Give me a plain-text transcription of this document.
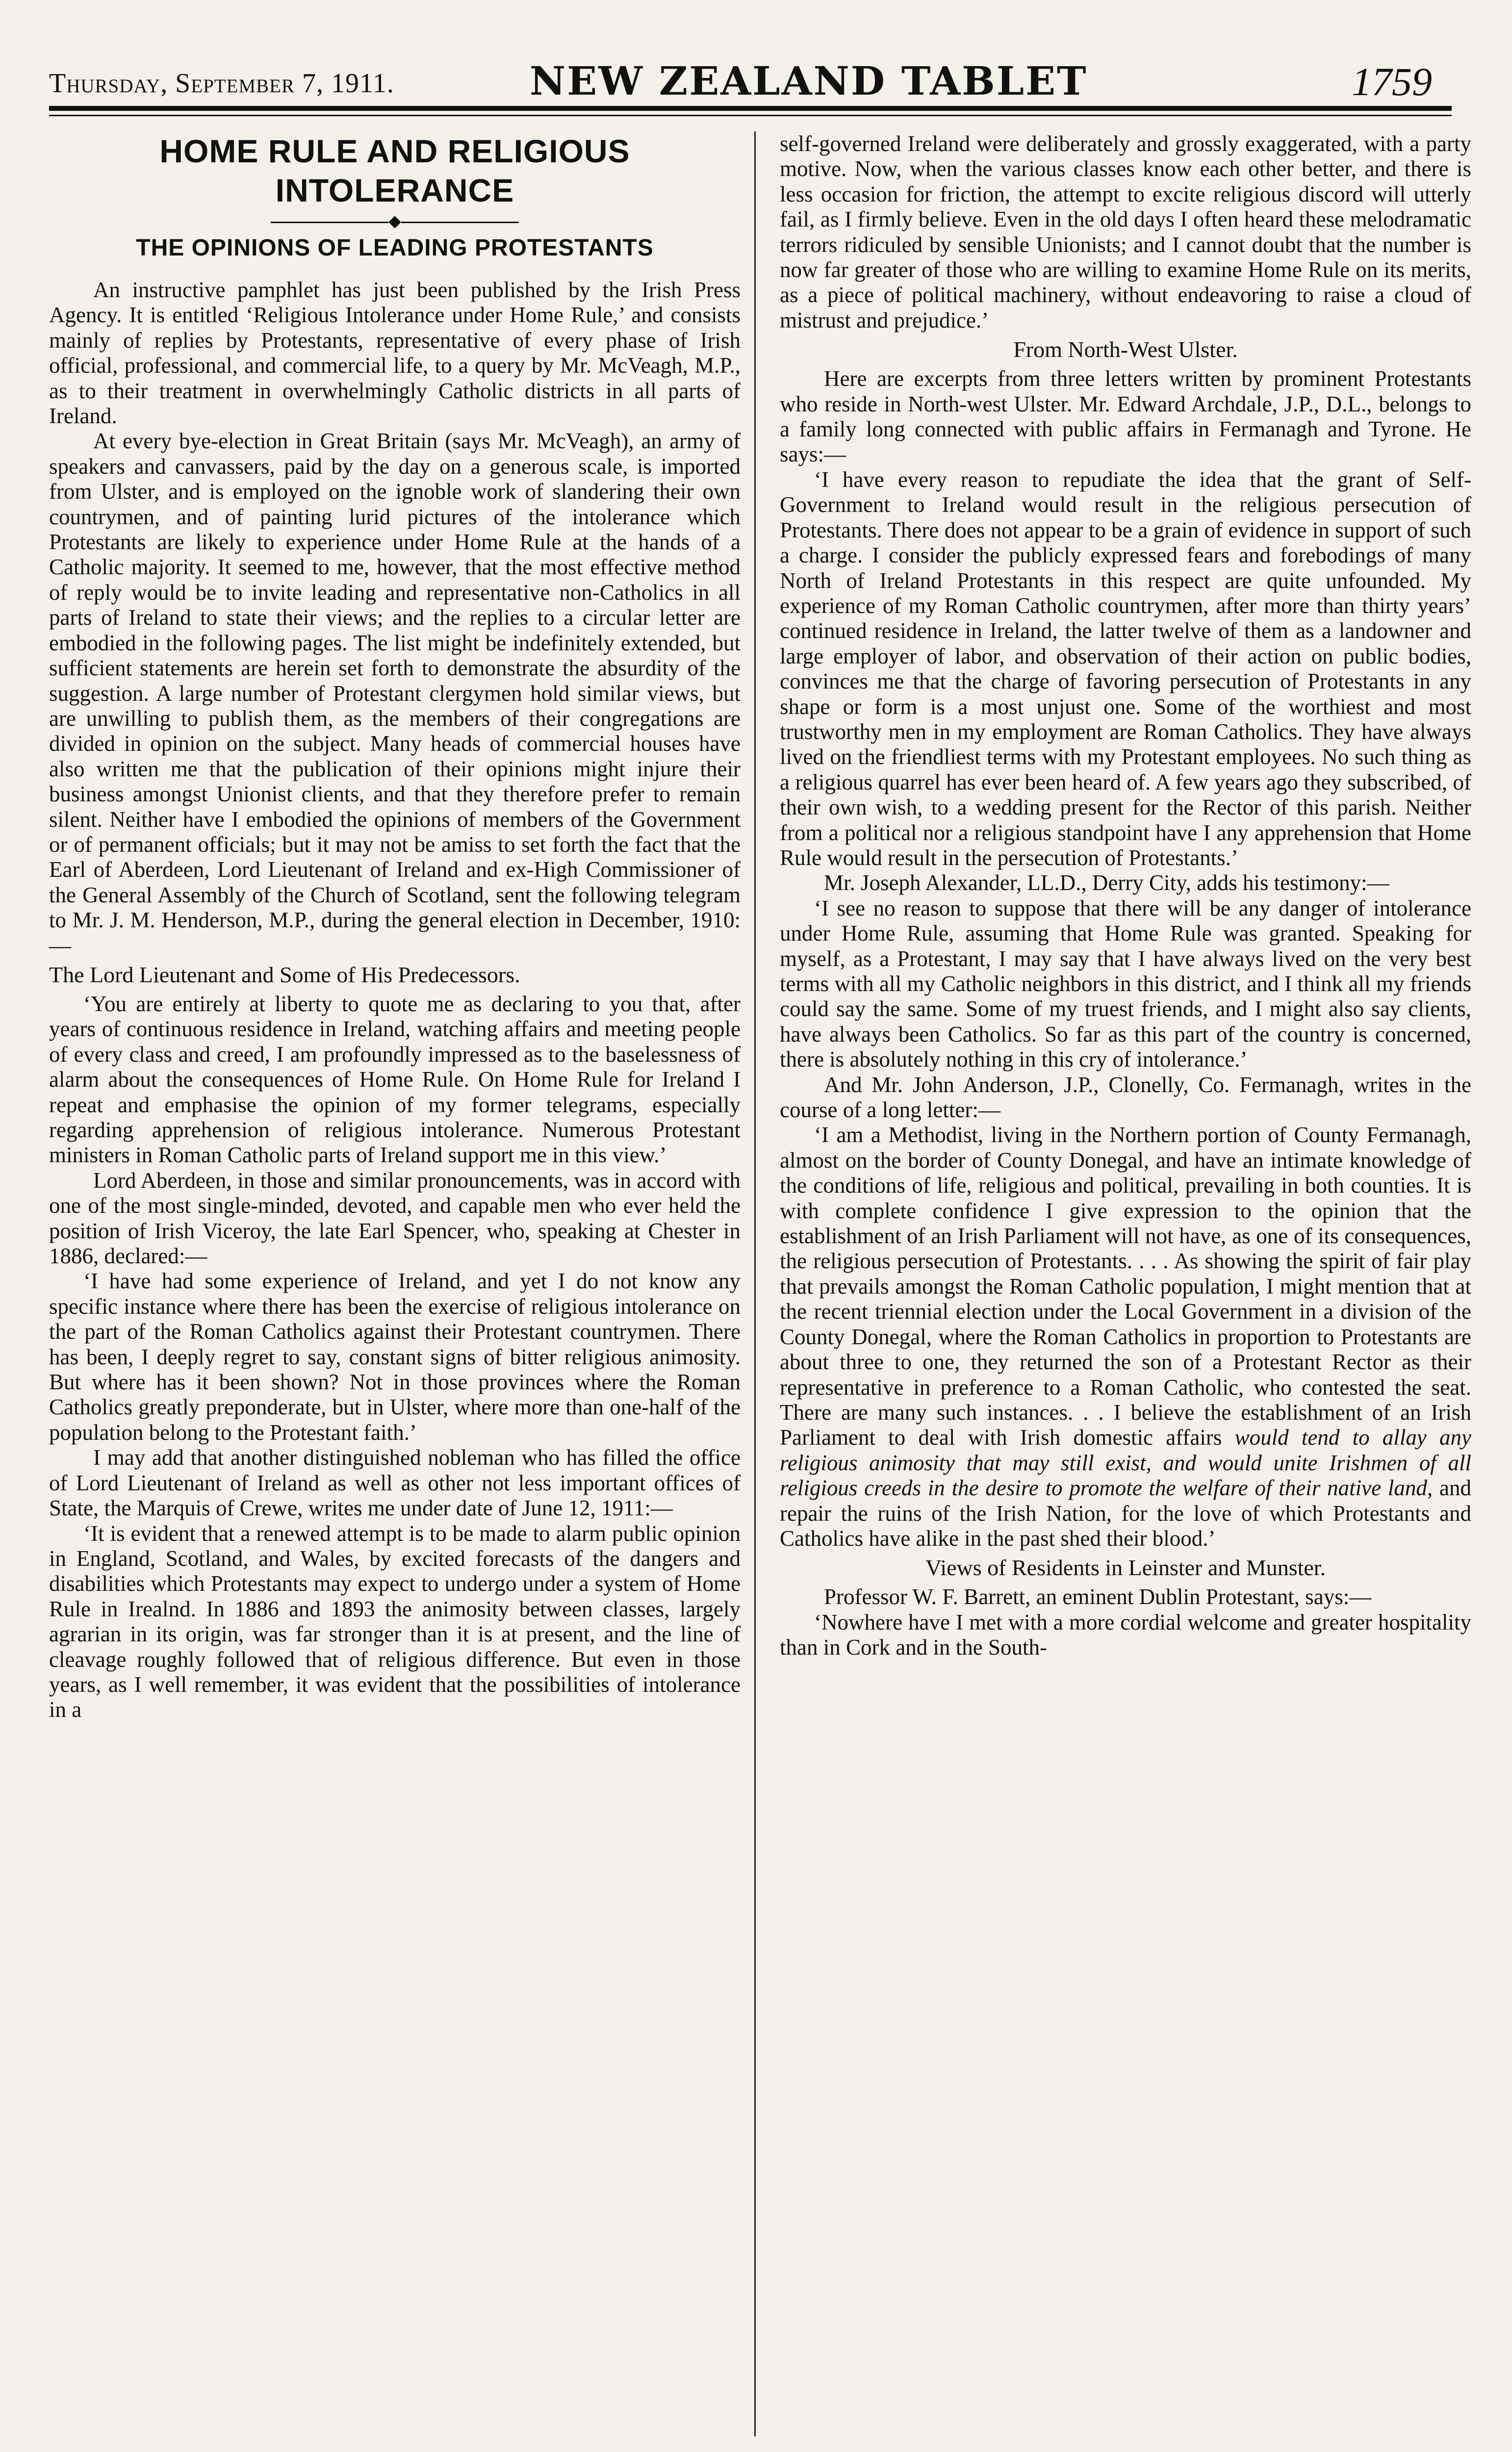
Thursday, September 7, 1911.	NEW ZEALAND TABLET	1759
HOME RULE AND RELIGIOUS INTOLERANCE
THE OPINIONS OF LEADING PROTESTANTS

An instructive pamphlet has just been published by the Irish Press Agency. It is entitled ‘Religious Intolerance under Home Rule,’ and consists mainly of replies by Protestants, representative of every phase of Irish official, professional, and commercial life, to a query by Mr. McVeagh, M.P., as to their treatment in overwhelmingly Catholic districts in all parts of Ireland.

At every bye-election in Great Britain (says Mr. McVeagh), an army of speakers and canvassers, paid by the day on a generous scale, is imported from Ulster, and is employed on the ignoble work of slandering their own countrymen, and of painting lurid pictures of the intolerance which Protestants are likely to experience under Home Rule at the hands of a Catholic majority. It seemed to me, however, that the most effective method of reply would be to invite leading and representative non-Catholics in all parts of Ireland to state their views; and the replies to a circular letter are embodied in the following pages. The list might be indefinitely extended, but sufficient statements are herein set forth to demonstrate the absurdity of the suggestion. A large number of Protestant clergymen hold similar views, but are unwilling to publish them, as the members of their congregations are divided in opinion on the subject. Many heads of commercial houses have also written me that the publication of their opinions might injure their business amongst Unionist clients, and that they therefore prefer to remain silent. Neither have I embodied the opinions of members of the Government or of permanent officials; but it may not be amiss to set forth the fact that the Earl of Aberdeen, Lord Lieutenant of Ireland and ex-High Commissioner of the General Assembly of the Church of Scotland, sent the following telegram to Mr. J. M. Henderson, M.P., during the general election in December, 1910:—

The Lord Lieutenant and Some of His Predecessors.

‘You are entirely at liberty to quote me as declaring to you that, after years of continuous residence in Ireland, watching affairs and meeting people of every class and creed, I am profoundly impressed as to the baselessness of alarm about the consequences of Home Rule. On Home Rule for Ireland I repeat and emphasise the opinion of my former telegrams, especially regarding apprehension of religious intolerance. Numerous Protestant ministers in Roman Catholic parts of Ireland support me in this view.’

Lord Aberdeen, in those and similar pronouncements, was in accord with one of the most single-minded, devoted, and capable men who ever held the position of Irish Viceroy, the late Earl Spencer, who, speaking at Chester in 1886, declared:—

‘I have had some experience of Ireland, and yet I do not know any specific instance where there has been the exercise of religious intolerance on the part of the Roman Catholics against their Protestant countrymen. There has been, I deeply regret to say, constant signs of bitter religious animosity. But where has it been shown? Not in those provinces where the Roman Catholics greatly preponderate, but in Ulster, where more than one-half of the population belong to the Protestant faith.’

I may add that another distinguished nobleman who has filled the office of Lord Lieutenant of Ireland as well as other not less important offices of State, the Marquis of Crewe, writes me under date of June 12, 1911:—

‘It is evident that a renewed attempt is to be made to alarm public opinion in England, Scotland, and Wales, by excited forecasts of the dangers and disabilities which Protestants may expect to undergo under a system of Home Rule in Irealnd. In 1886 and 1893 the animosity between classes, largely agrarian in its origin, was far stronger than it is at present, and the line of cleavage roughly followed that of religious difference. But even in those years, as I well remember, it was evident that the possibilities of intolerance in a

self-governed Ireland were deliberately and grossly exaggerated, with a party motive. Now, when the various classes know each other better, and there is less occasion for friction, the attempt to excite religious discord will utterly fail, as I firmly believe. Even in the old days I often heard these melodramatic terrors ridiculed by sensible Unionists; and I cannot doubt that the number is now far greater of those who are willing to examine Home Rule on its merits, as a piece of political machinery, without endeavoring to raise a cloud of mistrust and prejudice.’

From North-West Ulster.

Here are excerpts from three letters written by prominent Protestants who reside in North-west Ulster. Mr. Edward Archdale, J.P., D.L., belongs to a family long connected with public affairs in Fermanagh and Tyrone. He says:—

‘I have every reason to repudiate the idea that the grant of Self-Government to Ireland would result in the religious persecution of Protestants. There does not appear to be a grain of evidence in support of such a charge. I consider the publicly expressed fears and forebodings of many North of Ireland Protestants in this respect are quite unfounded. My experience of my Roman Catholic countrymen, after more than thirty years’ continued residence in Ireland, the latter twelve of them as a landowner and large employer of labor, and observation of their action on public bodies, convinces me that the charge of favoring persecution of Protestants in any shape or form is a most unjust one. Some of the worthiest and most trustworthy men in my employment are Roman Catholics. They have always lived on the friendliest terms with my Protestant employees. No such thing as a religious quarrel has ever been heard of. A few years ago they subscribed, of their own wish, to a wedding present for the Rector of this parish. Neither from a political nor a religious standpoint have I any apprehension that Home Rule would result in the persecution of Protestants.’

Mr. Joseph Alexander, LL.D., Derry City, adds his testimony:—

‘I see no reason to suppose that there will be any danger of intolerance under Home Rule, assuming that Home Rule was granted. Speaking for myself, as a Protestant, I may say that I have always lived on the very best terms with all my Catholic neighbors in this district, and I think all my friends could say the same. Some of my truest friends, and I might also say clients, have always been Catholics. So far as this part of the country is concerned, there is absolutely nothing in this cry of intolerance.’

And Mr. John Anderson, J.P., Clonelly, Co. Fermanagh, writes in the course of a long letter:—

‘I am a Methodist, living in the Northern portion of County Fermanagh, almost on the border of County Donegal, and have an intimate knowledge of the conditions of life, religious and political, prevailing in both counties. It is with complete confidence I give expression to the opinion that the establishment of an Irish Parliament will not have, as one of its consequences, the religious persecution of Protestants. . . . As showing the spirit of fair play that prevails amongst the Roman Catholic population, I might mention that at the recent triennial election under the Local Government in a division of the County Donegal, where the Roman Catholics in proportion to Protestants are about three to one, they returned the son of a Protestant Rector as their representative in preference to a Roman Catholic, who contested the seat. There are many such instances. . . I believe the establishment of an Irish Parliament to deal with Irish domestic affairs would tend to allay any religious animosity that may still exist, and would unite Irishmen of all religious creeds in the desire to promote the welfare of their native land, and repair the ruins of the Irish Nation, for the love of which Protestants and Catholics have alike in the past shed their blood.’

Views of Residents in Leinster and Munster.

Professor W. F. Barrett, an eminent Dublin Protestant, says:—

‘Nowhere have I met with a more cordial welcome and greater hospitality than in Cork and in the South-
